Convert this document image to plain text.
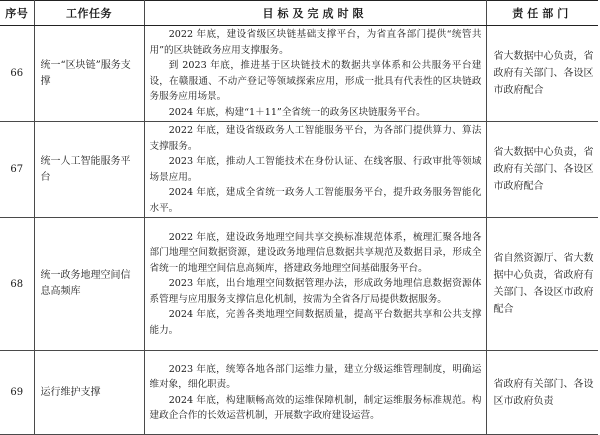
序号	工作任务	目标及完成时限	责任部门
66	统一“区块链”服务支撑	2022 年底，建设省级区块链基础支撑平台，为省直各部门提供“统管共用”的区块链政务应用支撑服务。

到 2023 年底，推进基于区块链技术的数据共享体系和公共服务平台建设，在赣服通、不动产登记等领域探索应用，形成一批具有代表性的区块链政务服务应用场景。

2024 年底，构建“1＋11”全省统一的政务区块链服务平台。	省大数据中心负责，省政府有关部门、各设区市政府配合
67	统一人工智能服务平台	2022 年底，建设省级政务人工智能服务平台，为各部门提供算力、算法支撑服务。

2023 年底，推动人工智能技术在身份认证、在线客服、行政审批等领域场景应用。

2024 年底，建成全省统一政务人工智能服务平台，提升政务服务智能化水平。	省大数据中心负责，省政府有关部门、各设区市政府配合
68	统一政务地理空间信息高频库	2022 年底，建设政务地理空间共享交换标准规范体系，梳理汇聚各地各部门地理空间数据资源，建设政务地理信息数据共享规范及数据目录，形成全省统一的地理空间信息高频库，搭建政务地理空间基础服务平台。

2023 年底，出台地理空间数据管理办法，形成政务地理信息数据资源体系管理与应用服务支撑信息化机制，按需为全省各厅局提供数据服务。

2024 年底，完善各类地理空间数据质量，提高平台数据共享和公共支撑能力。	省自然资源厅、省大数据中心负责，省政府有关部门、各设区市政府配合
69	运行维护支撑	2023 年底，统筹各地各部门运维力量，建立分级运维管理制度，明确运维对象，细化职责。

2024 年底，构建顺畅高效的运维保障机制，制定运维服务标准规范。构建政企合作的长效运营机制，开展数字政府建设运营。	省政府有关部门、各设区市政府负责
